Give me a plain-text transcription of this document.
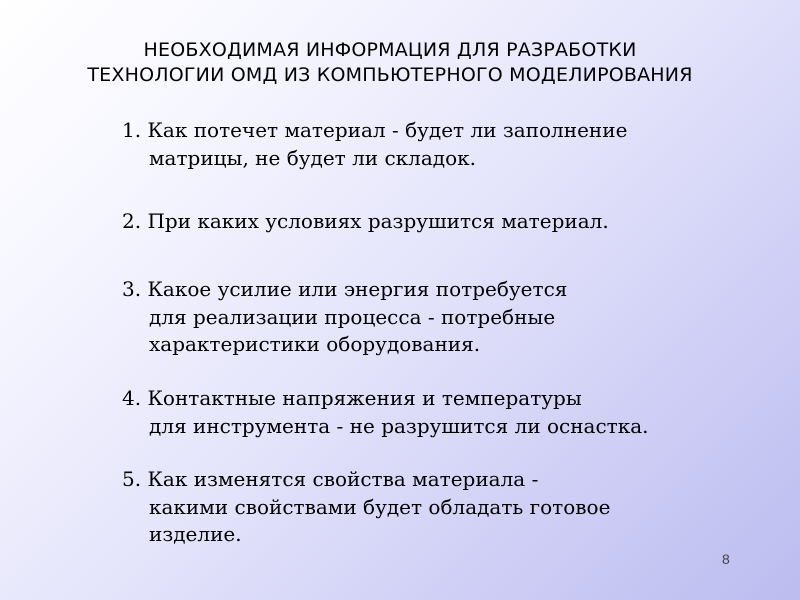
НЕОБХОДИМАЯ ИНФОРМАЦИЯ ДЛЯ РАЗРАБОТКИ
ТЕХНОЛОГИИ ОМД ИЗ КОМПЬЮТЕРНОГО МОДЕЛИРОВАНИЯ
1. Как потечет материал - будет ли заполнение
матрицы, не будет ли складок.
2. При каких условиях разрушится материал.
3. Какое усилие или энергия потребуется
для реализации процесса - потребные
характеристики оборудования.
4. Контактные напряжения и температуры
для инструмента - не разрушится ли оснастка.
5. Как изменятся свойства материала -
какими свойствами будет обладать готовое
изделие.
8
